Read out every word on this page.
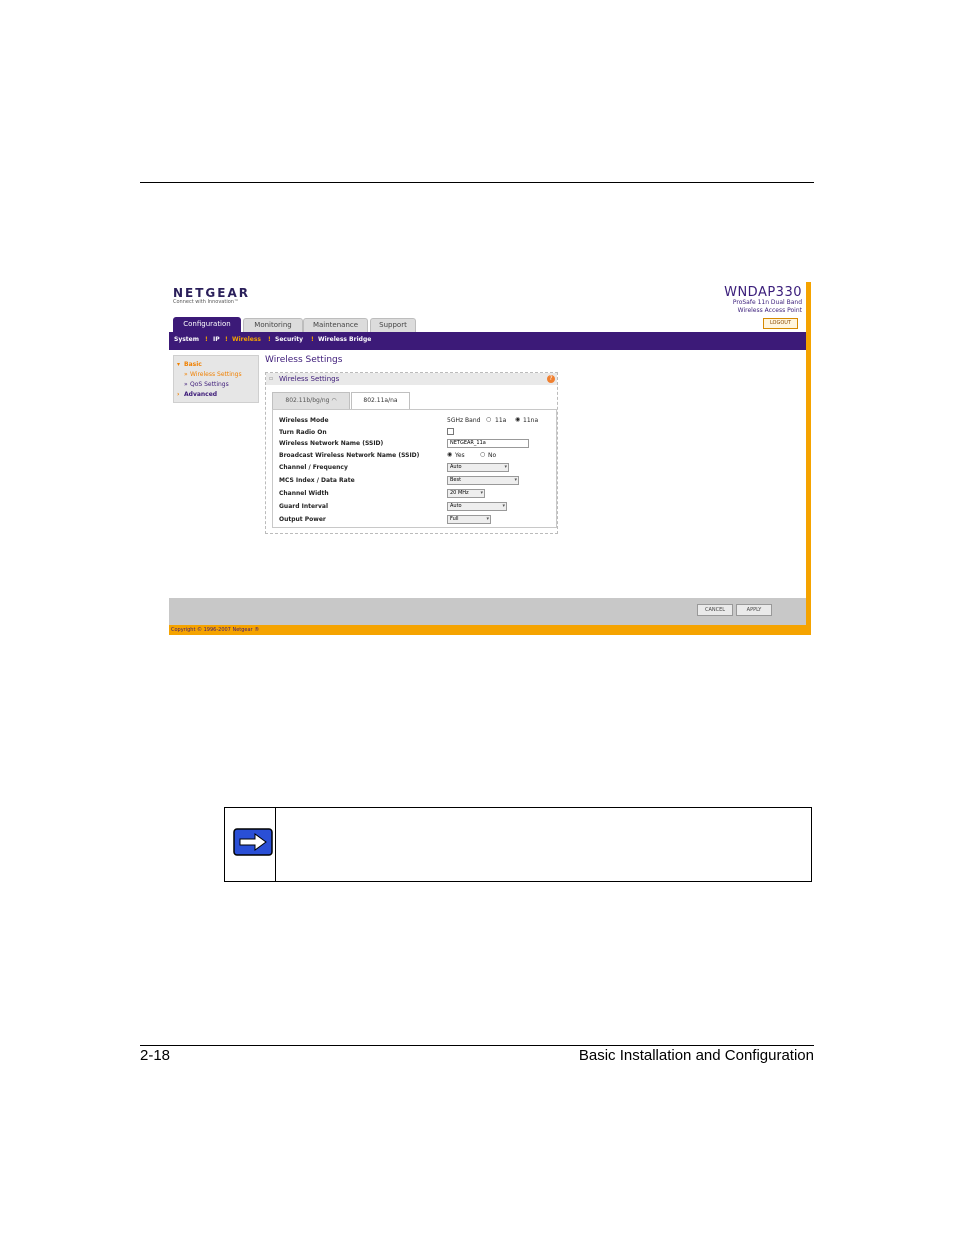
NETGEAR
Connect with Innovation™
WNDAP330
ProSafe 11n Dual Band
Wireless Access Point
LOGOUT
Configuration	Monitoring	Maintenance	Support
System ! IP ! Wireless ! Security ! Wireless Bridge
▾ Basic
» Wireless Settings
» QoS Settings
› Advanced
Wireless Settings
▫ Wireless Settings	?
802.11b/bg/ng ◠	802.11a/na
Wireless Mode	5GHz Band ○ 11a ◉ 11na
Turn Radio On
Wireless Network Name (SSID)	NETGEAR_11a
Broadcast Wireless Network Name (SSID)	◉ Yes	○ No
Channel / Frequency	Auto ▾
MCS Index / Data Rate	Best ▾
Channel Width	20 MHz ▾
Guard Interval	Auto ▾
Output Power	Full ▾
CANCEL	APPLY
Copyright © 1996-2007 Netgear ®
2-18	Basic Installation and Configuration
